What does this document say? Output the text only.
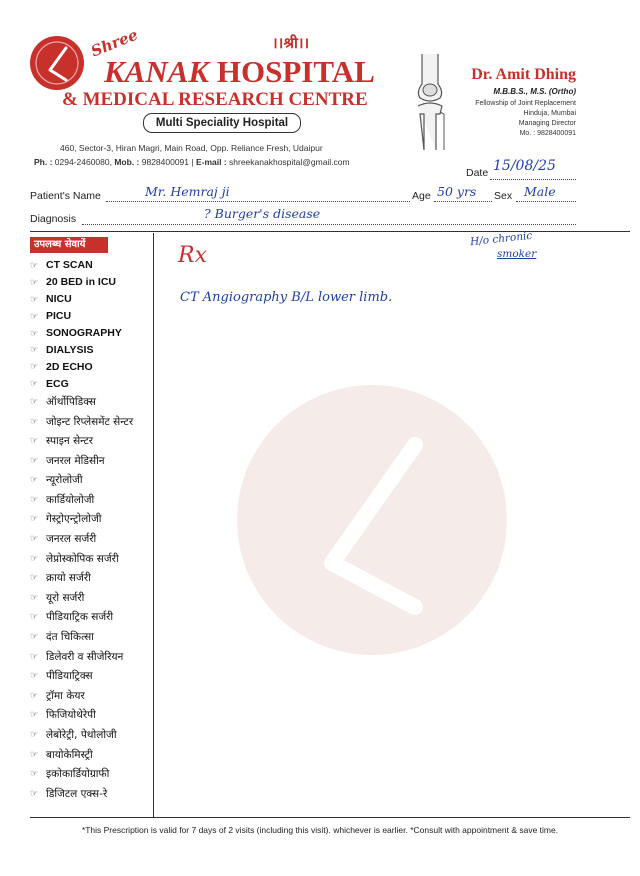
Shree	।।श्री।।
KANAK HOSPITAL
& MEDICAL RESEARCH CENTRE
Multi Speciality Hospital
460, Sector-3, Hiran Magri, Main Road, Opp. Reliance Fresh, Udaipur
Ph. : 0294-2460080, Mob. : 9828400091 | E-mail : shreekanakhospital@gmail.com
Dr. Amit Dhing
M.B.B.S., M.S. (Ortho)
Fellowship of Joint Replacement
Hinduja, Mumbai
Managing Director
Mo. : 9828400091
Date 15/08/25
Patient's Name	Mr. Hemraj ji	Age 50 yrs Sex Male
Diagnosis	? Burger's disease
उपलब्ध सेवायें
☞ CT SCAN
☞ 20 BED in ICU
☞ NICU
☞ PICU
☞ SONOGRAPHY
☞ DIALYSIS
☞ 2D ECHO
☞ ECG
☞ ऑर्थोपिडिक्स
☞ जोइन्ट रिप्लेसमेंट सेन्टर
☞ स्पाइन सेन्टर
☞ जनरल मेडिसीन
☞ न्यूरोलोजी
☞ कार्डियोलोजी
☞ गेस्ट्रोएन्ट्रोलोजी
☞ जनरल सर्जरी
☞ लेप्रोस्कोपिक सर्जरी
☞ क्रायो सर्जरी
☞ यूरो सर्जरी
☞ पीडियाट्रिक सर्जरी
☞ दंत चिकित्सा
☞ डिलेवरी व सीजेरियन
☞ पीडियाट्रिक्स
☞ ट्रॉमा केयर
☞ फिजियोथेरेपी
☞ लेबोरेट्री, पेथोलोजी
☞ बायोकेमिस्ट्री
☞ इकोकार्डियोग्राफी
☞ डिजिटल एक्स-रे
Rx
H/o chronic
smoker
CT Angiography B/L lower limb.
*This Prescription is valid for 7 days of 2 visits (including this visit). whichever is earlier. *Consult with appointment & save time.
